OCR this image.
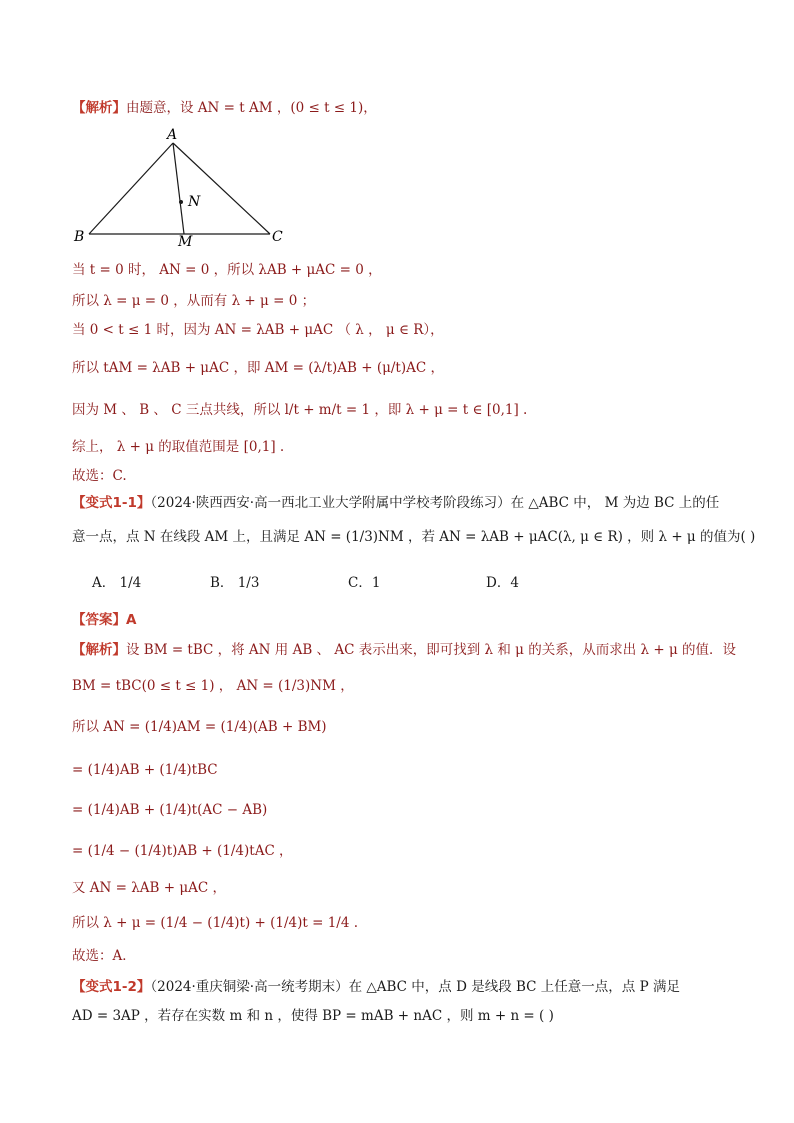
【解析】由题意，设 AN = t AM ，(0 ≤ t ≤ 1)，
A
B	C
M
N
当 t = 0 时， AN = 0 ，所以 λAB + μAC = 0 ，
所以 λ = μ = 0 ，从而有 λ + μ = 0 ；
当 0 < t ≤ 1 时，因为 AN = λAB + μAC （ λ ， μ ∈ R），
所以 tAM = λAB + μAC ，即 AM = (λ/t)AB + (μ/t)AC ，
因为 M 、 B 、 C 三点共线，所以 l/t + m/t = 1 ，即 λ + μ = t ∈ [0,1] .
综上， λ + μ 的取值范围是 [0,1] .
故选：C.
【变式1-1】（2024·陕西西安·高一西北工业大学附属中学校考阶段练习）在 △ABC 中， M 为边 BC 上的任
意一点，点 N 在线段 AM 上，且满足 AN = (1/3)NM ，若 AN = λAB + μAC(λ, μ ∈ R) ，则 λ + μ 的值为( )
A． 1/4	B． 1/3	C．1	D．4
【答案】A
【解析】设 BM = tBC ，将 AN 用 AB 、 AC 表示出来，即可找到 λ 和 μ 的关系，从而求出 λ + μ 的值．设
BM = tBC(0 ≤ t ≤ 1) ， AN = (1/3)NM ，
所以 AN = (1/4)AM = (1/4)(AB + BM)
= (1/4)AB + (1/4)tBC
= (1/4)AB + (1/4)t(AC − AB)
= (1/4 − (1/4)t)AB + (1/4)tAC ，
又 AN = λAB + μAC ，
所以 λ + μ = (1/4 − (1/4)t) + (1/4)t = 1/4 .
故选：A．
【变式1-2】（2024·重庆铜梁·高一统考期末）在 △ABC 中，点 D 是线段 BC 上任意一点，点 P 满足
AD = 3AP ，若存在实数 m 和 n ，使得 BP = mAB + nAC ，则 m + n = ( )
